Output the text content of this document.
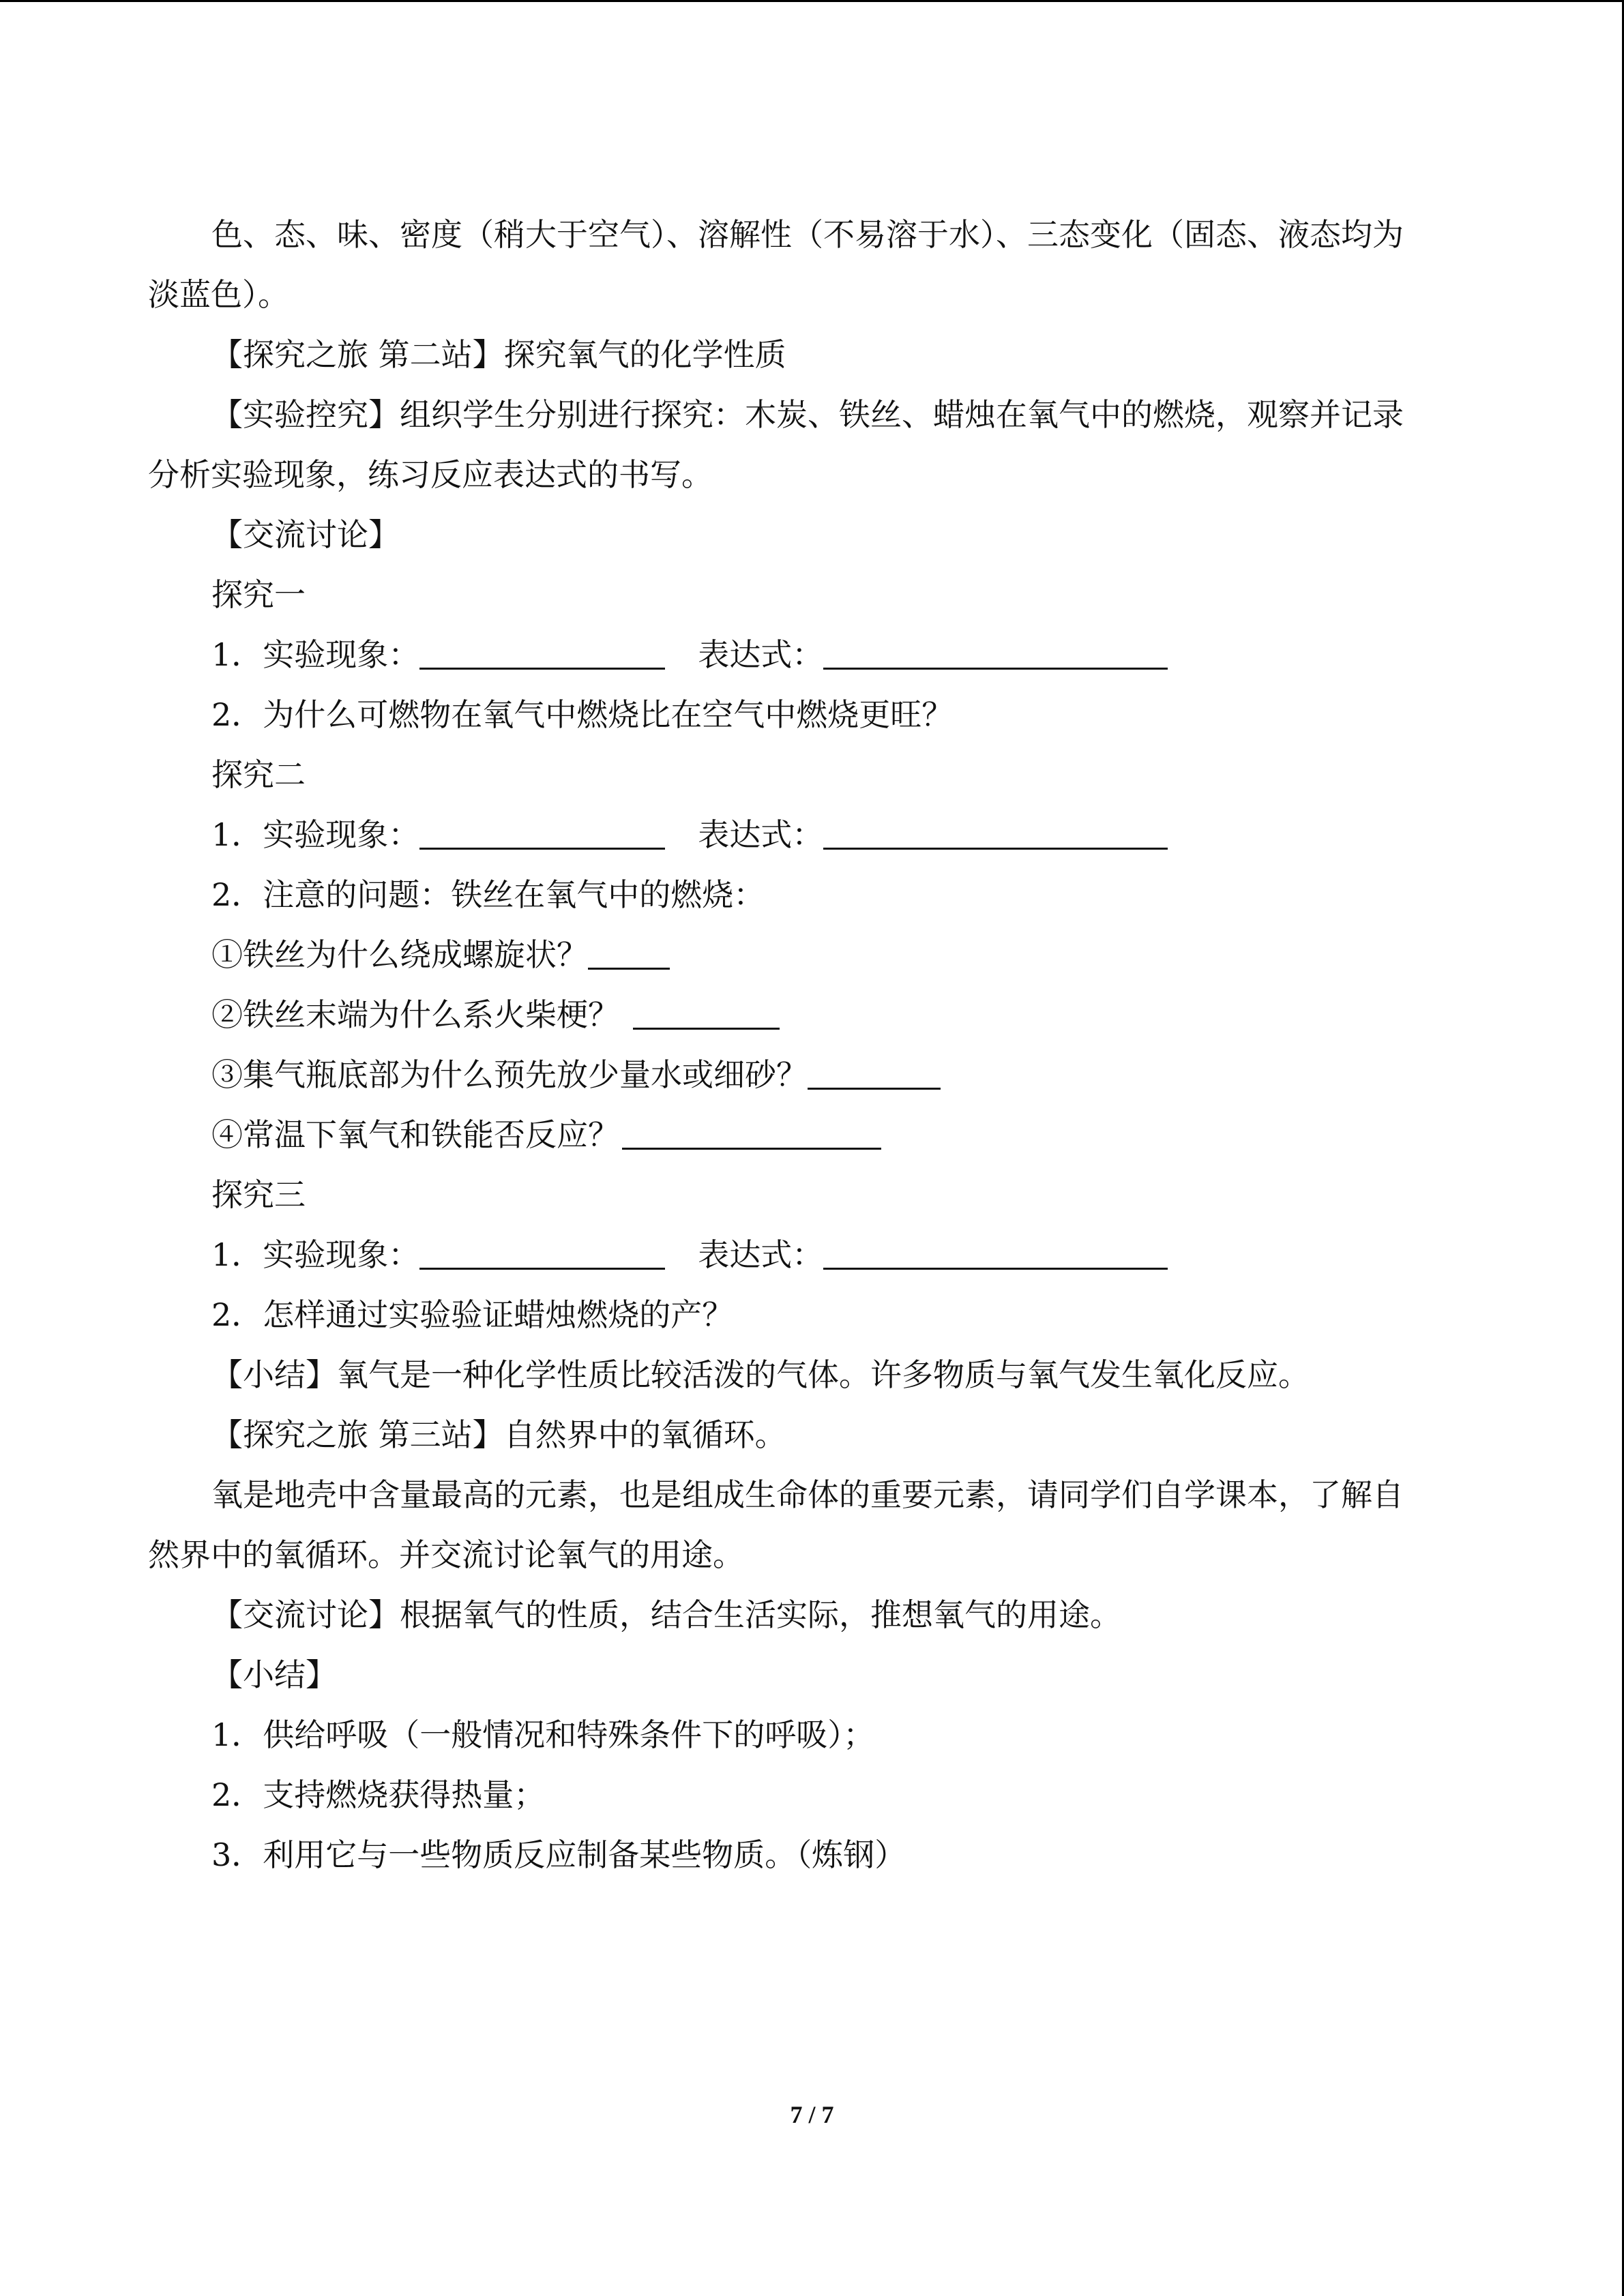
色、态、味、密度（稍大于空气）、溶解性（不易溶于水）、三态变化（固态、液态均为
淡蓝色）。
【探究之旅 第二站】探究氧气的化学性质
【实验控究】组织学生分别进行探究：木炭、铁丝、蜡烛在氧气中的燃烧，观察并记录
分析实验现象，练习反应表达式的书写。
【交流讨论】
探究一
1．实验现象：	表达式：
2．为什么可燃物在氧气中燃烧比在空气中燃烧更旺？
探究二
1．实验现象：	表达式：
2．注意的问题：铁丝在氧气中的燃烧：
①铁丝为什么绕成螺旋状？
②铁丝末端为什么系火柴梗？
③集气瓶底部为什么预先放少量水或细砂？
④常温下氧气和铁能否反应？
探究三
1．实验现象：	表达式：
2．怎样通过实验验证蜡烛燃烧的产？
【小结】氧气是一种化学性质比较活泼的气体。许多物质与氧气发生氧化反应。
【探究之旅 第三站】自然界中的氧循环。
氧是地壳中含量最高的元素，也是组成生命体的重要元素，请同学们自学课本，了解自
然界中的氧循环。并交流讨论氧气的用途。
【交流讨论】根据氧气的性质，结合生活实际，推想氧气的用途。
【小结】
1．供给呼吸（一般情况和特殊条件下的呼吸）；
2．支持燃烧获得热量；
3．利用它与一些物质反应制备某些物质。（炼钢）
7 / 7
